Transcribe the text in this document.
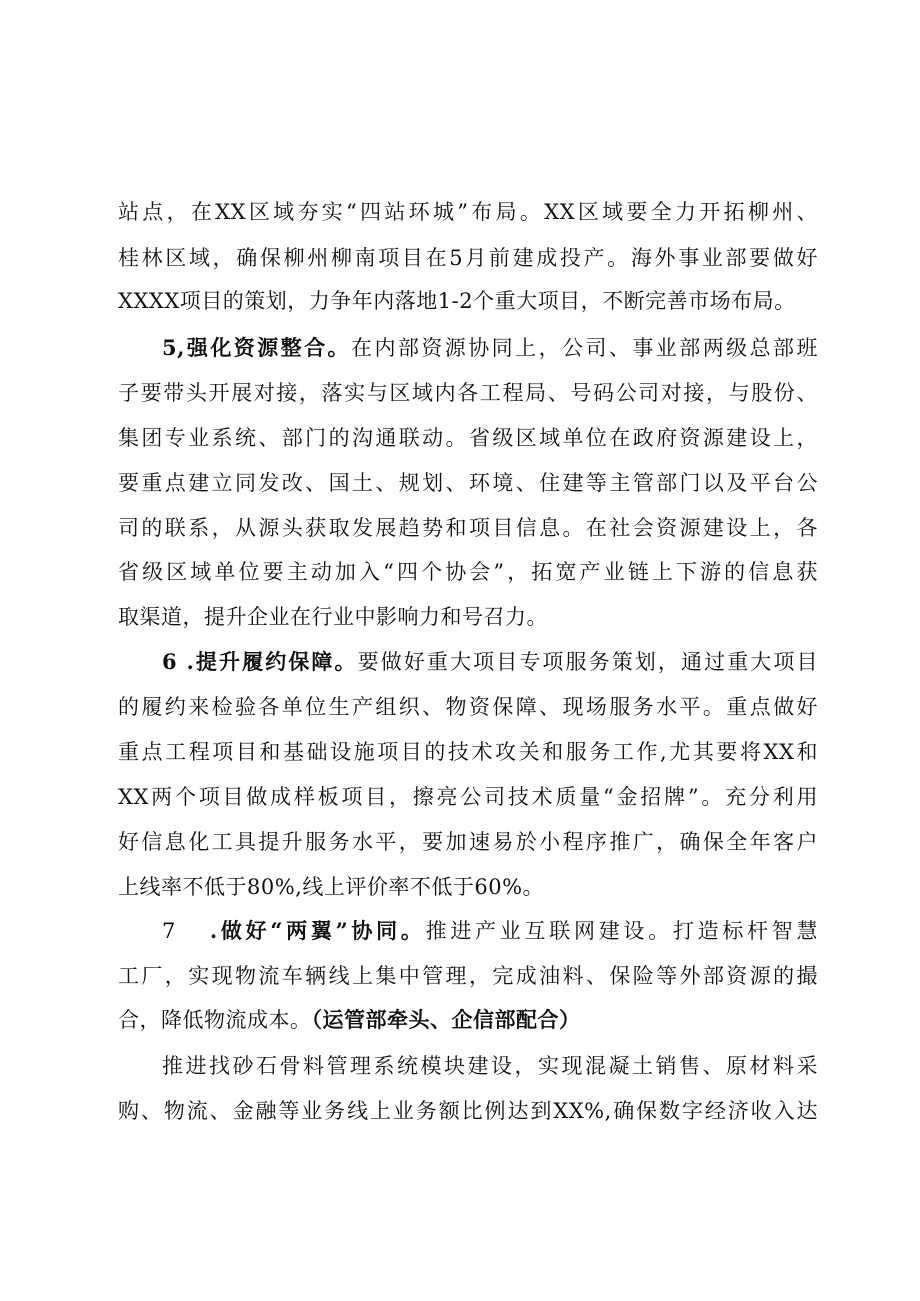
站点，在XX区域夯实“四站环城”布局。XX区域要全力开拓柳州、
桂林区域，确保柳州柳南项目在5月前建成投产。海外事业部要做好
XXXX项目的策划，力争年内落地1-2个重大项目，不断完善市场布局。
5,强化资源整合。在内部资源协同上，公司、事业部两级总部班
子要带头开展对接，落实与区域内各工程局、号码公司对接，与股份、
集团专业系统、部门的沟通联动。省级区域单位在政府资源建设上，
要重点建立同发改、国土、规划、环境、住建等主管部门以及平台公
司的联系，从源头获取发展趋势和项目信息。在社会资源建设上，各
省级区域单位要主动加入“四个协会”，拓宽产业链上下游的信息获
取渠道，提升企业在行业中影响力和号召力。
6 .提升履约保障。要做好重大项目专项服务策划，通过重大项目
的履约来检验各单位生产组织、物资保障、现场服务水平。重点做好
重点工程项目和基础设施项目的技术攻关和服务工作,尤其要将XX和
XX两个项目做成样板项目，擦亮公司技术质量“金招牌”。充分利用
好信息化工具提升服务水平，要加速易於小程序推广，确保全年客户
上线率不低于80%,线上评价率不低于60%。
7 .做好“两翼”协同。推进产业互联网建设。打造标杆智慧
工厂，实现物流车辆线上集中管理，完成油料、保险等外部资源的撮
合，降低物流成本。（运管部牵头、企信部配合）
推进找砂石骨料管理系统模块建设，实现混凝土销售、原材料采
购、物流、金融等业务线上业务额比例达到XX%,确保数字经济收入达
